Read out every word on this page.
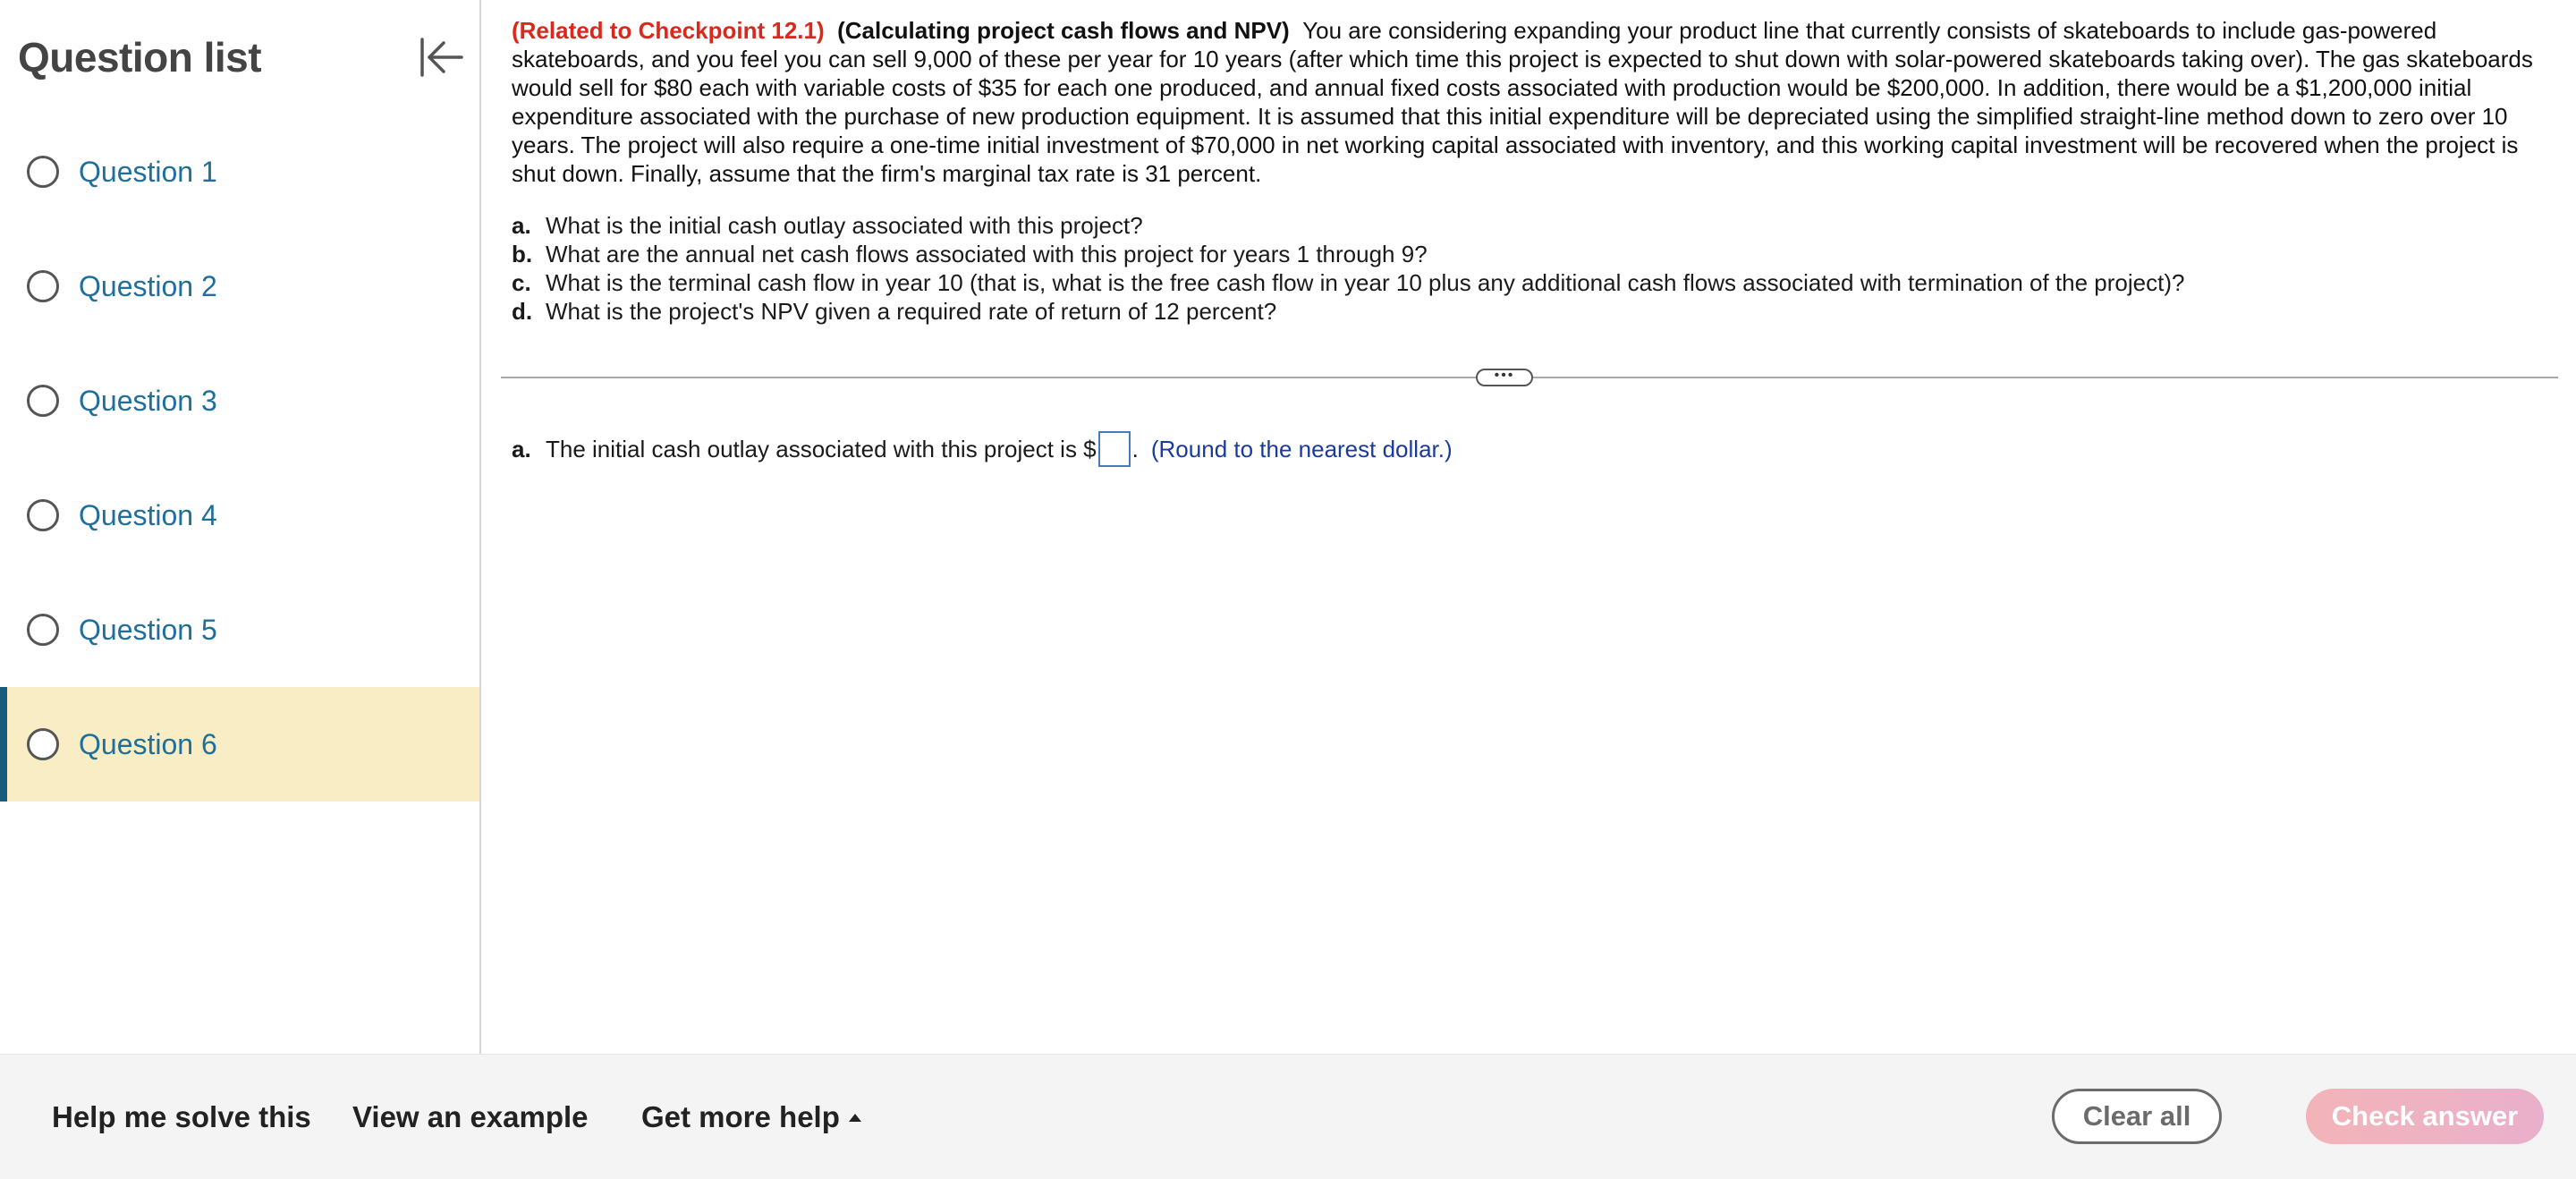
Question list
Question 1
Question 2
Question 3
Question 4
Question 5
Question 6
(Related to Checkpoint 12.1) (Calculating project cash flows and NPV) You are considering expanding your product line that currently consists of skateboards to include gas-powered skateboards, and you feel you can sell 9,000 of these per year for 10 years (after which time this project is expected to shut down with solar-powered skateboards taking over). The gas skateboards would sell for $80 each with variable costs of $35 for each one produced, and annual fixed costs associated with production would be $200,000. In addition, there would be a $1,200,000 initial expenditure associated with the purchase of new production equipment. It is assumed that this initial expenditure will be depreciated using the simplified straight-line method down to zero over 10 years. The project will also require a one-time initial investment of $70,000 in net working capital associated with inventory, and this working capital investment will be recovered when the project is shut down. Finally, assume that the firm's marginal tax rate is 31 percent.
a. What is the initial cash outlay associated with this project?
b. What are the annual net cash flows associated with this project for years 1 through 9?
c. What is the terminal cash flow in year 10 (that is, what is the free cash flow in year 10 plus any additional cash flows associated with termination of the project)?
d. What is the project's NPV given a required rate of return of 12 percent?
•••
a. The initial cash outlay associated with this project is $ . (Round to the nearest dollar.)
Help me solve this View an example Get more help	Clear all	Check answer
